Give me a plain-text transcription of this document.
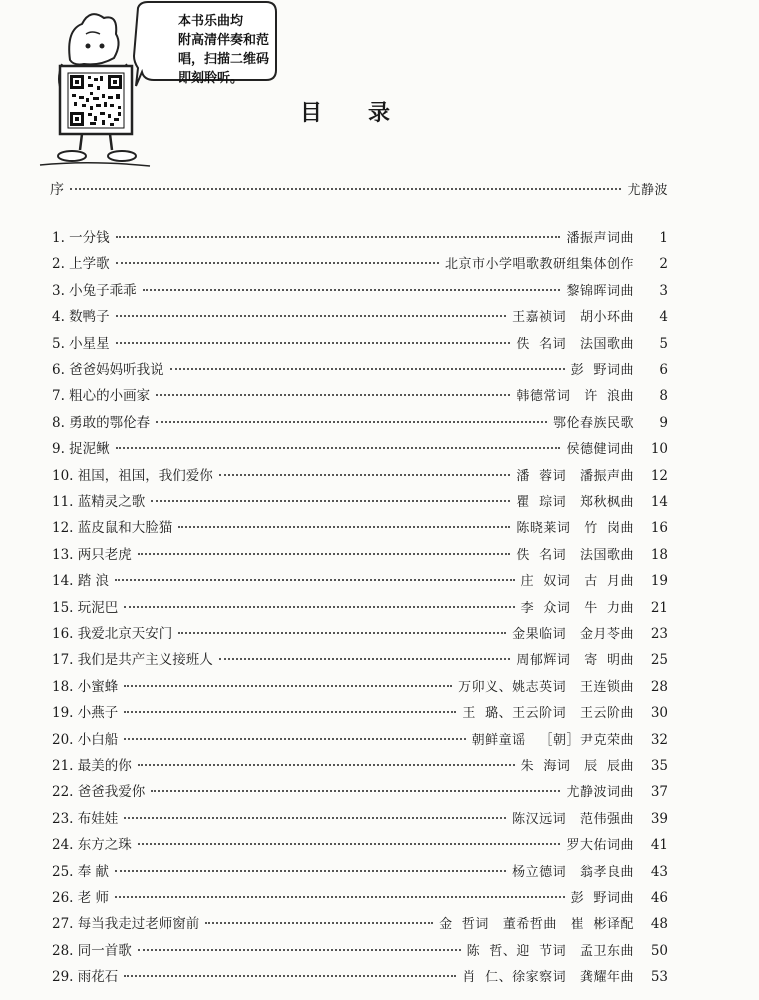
本书乐曲均
附高清伴奏和范
唱，扫描二维码
即刻聆听。
目录
序	尤静波
1. 一分钱	潘振声词曲	1
2. 上学歌	北京市小学唱歌教研组集体创作	2
3. 小兔子乖乖	黎锦晖词曲	3
4. 数鸭子	王嘉祯词   胡小环曲	4
5. 小星星	佚  名词   法国歌曲	5
6. 爸爸妈妈听我说	彭  野词曲	6
7. 粗心的小画家	韩德常词   许  浪曲	8
8. 勇敢的鄂伦春	鄂伦春族民歌	9
9. 捉泥鳅	侯德健词曲	10
10. 祖国，祖国，我们爱你	潘  蓉词   潘振声曲	12
11. 蓝精灵之歌	瞿  琮词   郑秋枫曲	14
12. 蓝皮鼠和大脸猫	陈晓莱词   竹  岗曲	16
13. 两只老虎	佚  名词   法国歌曲	18
14. 踏 浪	庄  奴词   古  月曲	19
15. 玩泥巴	李  众词   牛  力曲	21
16. 我爱北京天安门	金果临词   金月苓曲	23
17. 我们是共产主义接班人	周郁辉词   寄  明曲	25
18. 小蜜蜂	万卯义、姚志英词   王连锁曲	28
19. 小燕子	王  璐、王云阶词   王云阶曲	30
20. 小白船	朝鲜童谣   ［朝］尹克荣曲	32
21. 最美的你	朱  海词   辰  辰曲	35
22. 爸爸我爱你	尤静波词曲	37
23. 布娃娃	陈汉远词   范伟强曲	39
24. 东方之珠	罗大佑词曲	41
25. 奉 献	杨立德词   翁孝良曲	43
26. 老 师	彭  野词曲	46
27. 每当我走过老师窗前	金  哲词   董希哲曲   崔  彬译配	48
28. 同一首歌	陈  哲、迎  节词   孟卫东曲	50
29. 雨花石	肖  仁、徐家察词   龚耀年曲	53
